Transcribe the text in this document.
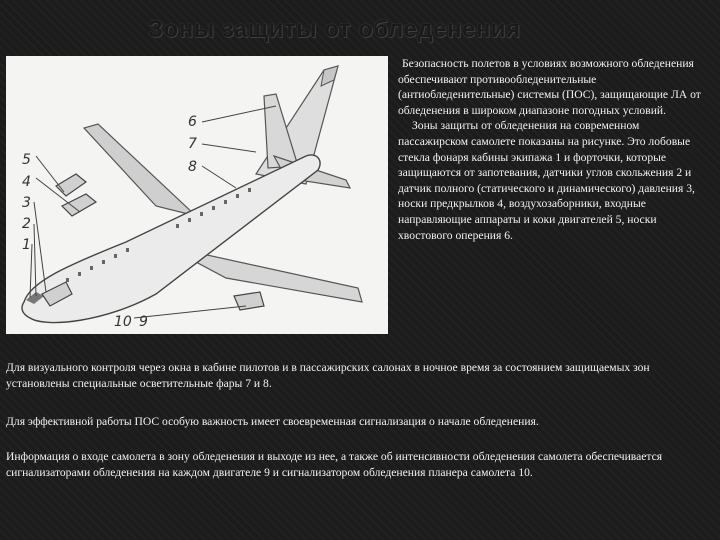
Зоны защиты от обледенения
1
2
3
4
5
6
7
8
9
10

Безопасность полетов в условиях возможного обледенения обеспечивают противообледенительные (антиобледенительные) системы (ПОС), защищающие ЛА от обледенения в широком диапазоне погодных условий.

Зоны защиты от обледенения на современном пассажирском самолете показаны на рисунке. Это лобовые стекла фонаря кабины экипажа 1 и форточки, которые защищаются от запотевания, датчики углов скольжения 2 и датчик полного (статического и динамического) давления 3, носки предкрылков 4, воздухозаборники, входные направляющие аппараты и коки двигателей 5, носки хвостового оперения 6.

Для визуального контроля через окна в кабине пилотов и в пассажирских салонах в ночное время за состоянием защищаемых зон установлены специальные осветительные фары 7 и 8.
Для эффективной работы ПОС особую важность имеет своевременная сигнализация о начале обледенения.
Информация о входе самолета в зону обледенения и выходе из нее, а также об интенсивности обледенения самолета обеспечивается сигнализаторами обледенения на каждом двигателе 9 и сигнализатором обледенения планера самолета 10.
